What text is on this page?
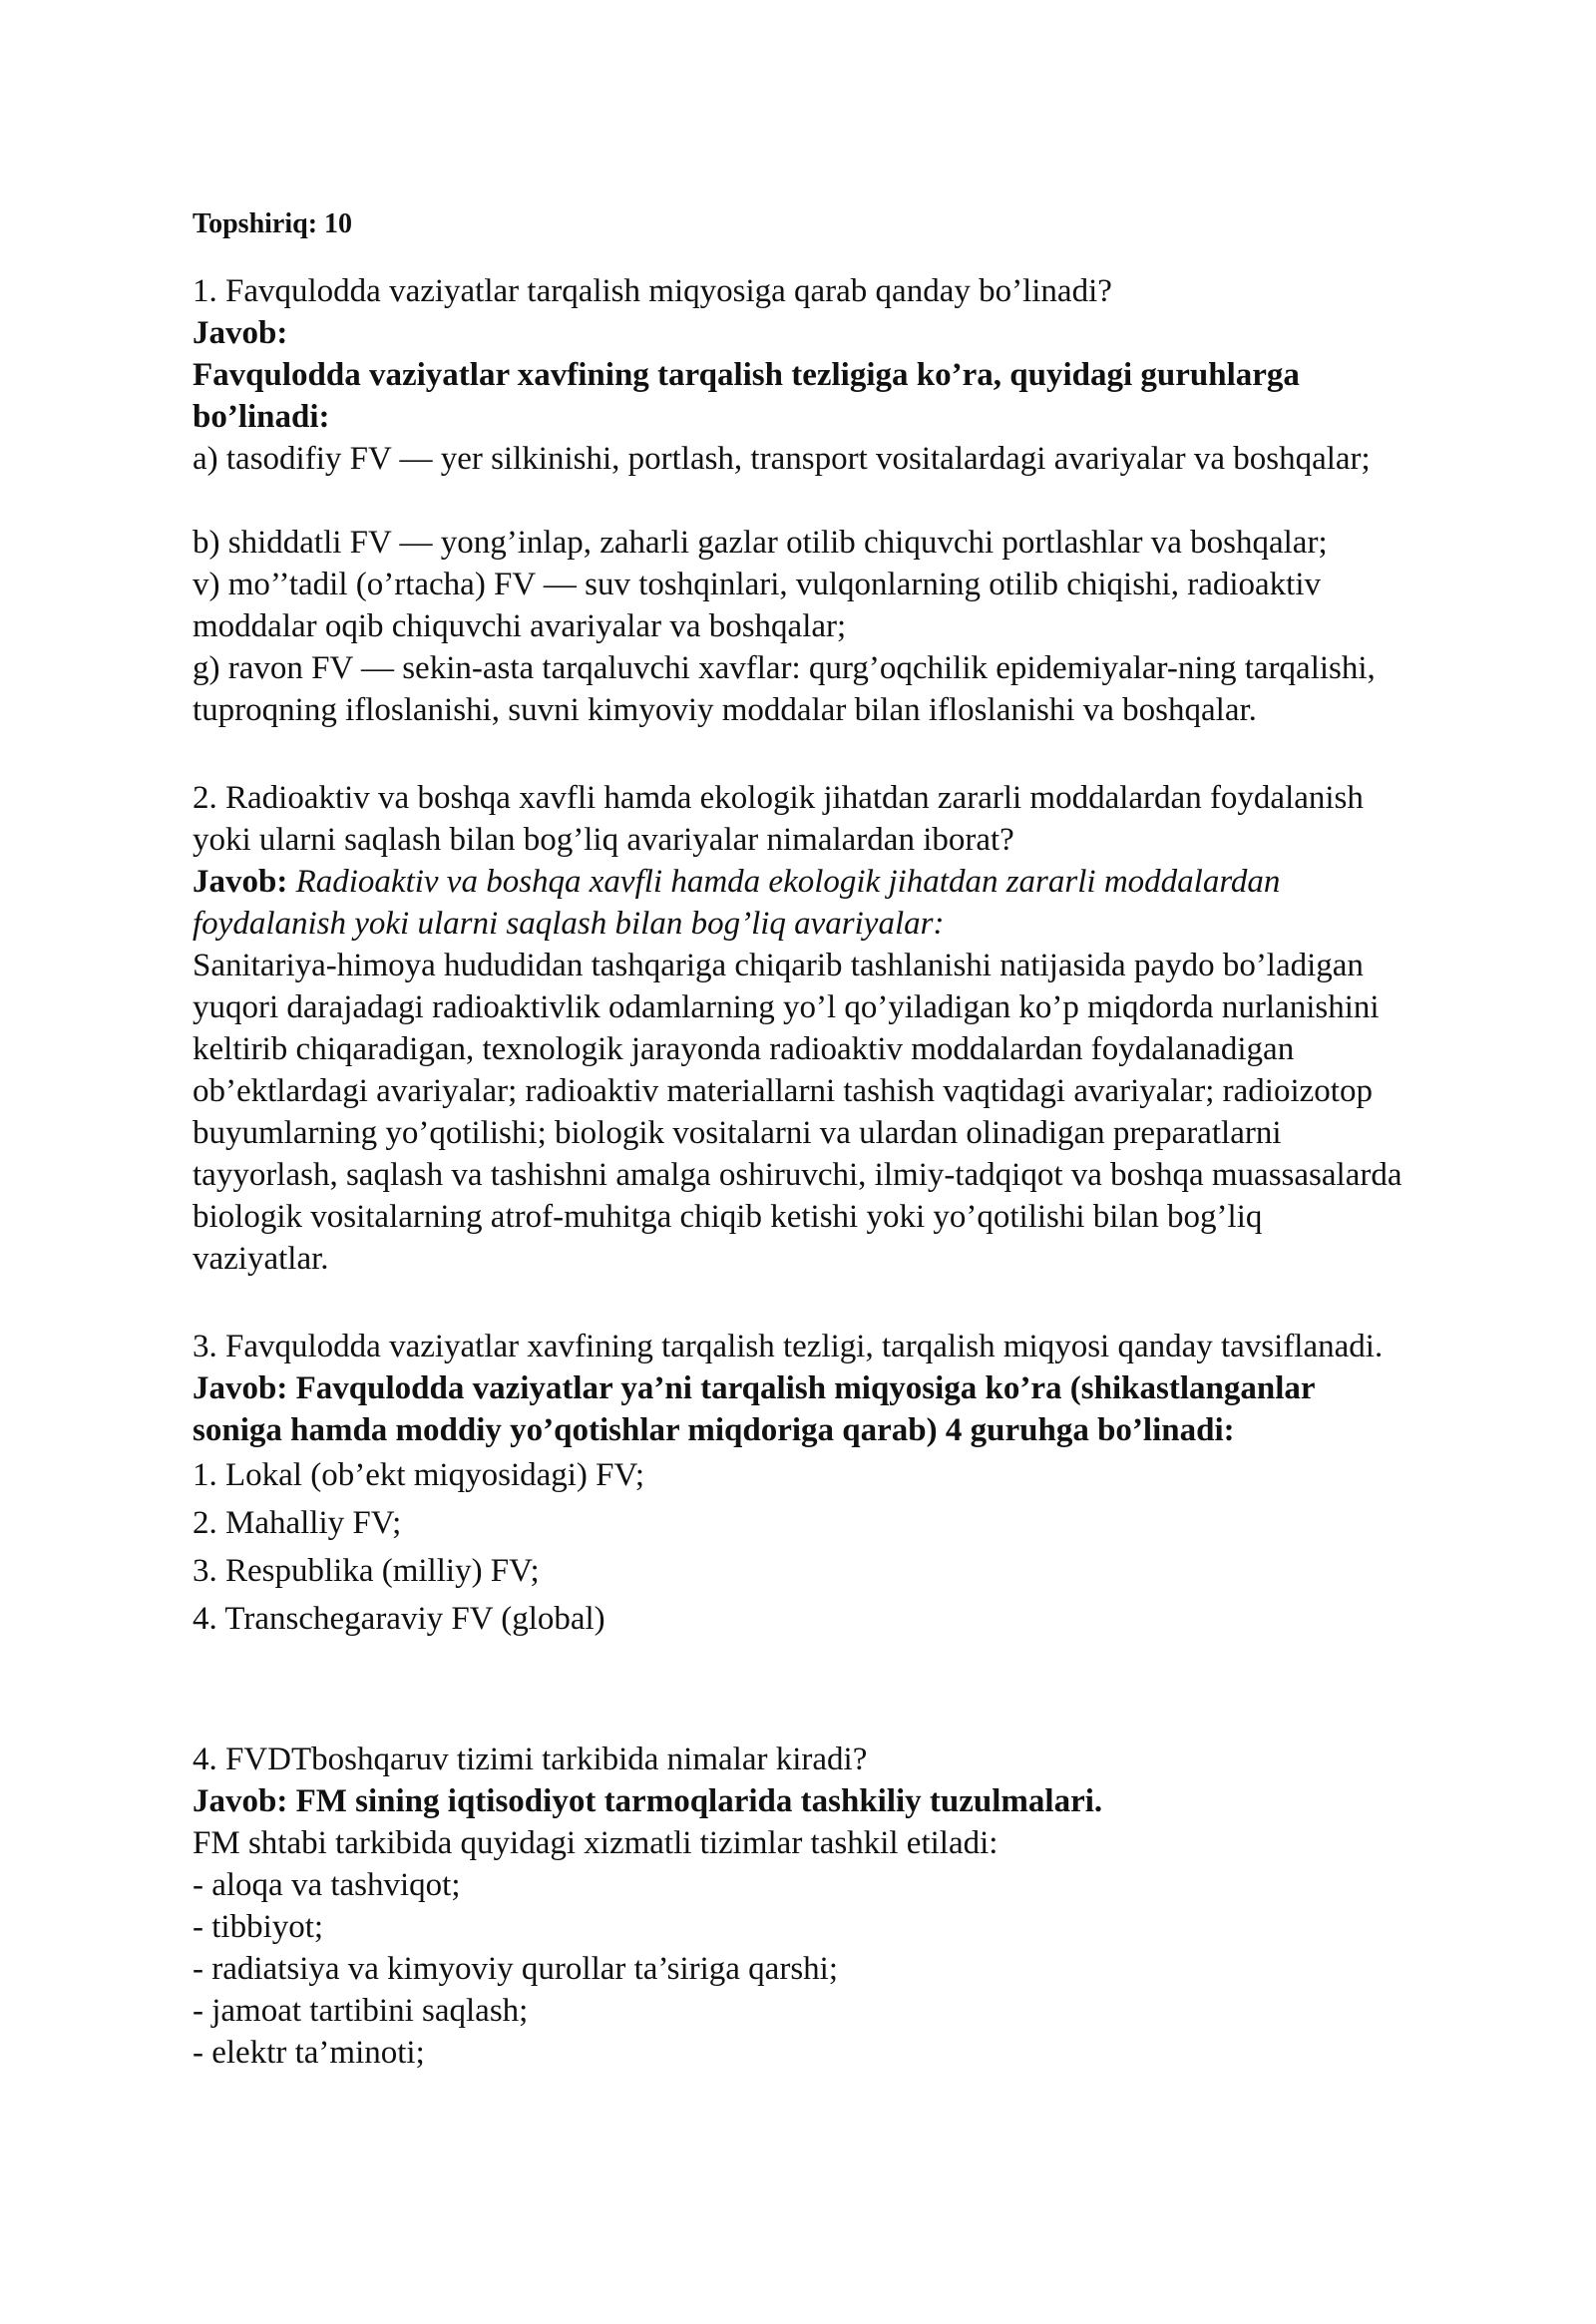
Topshiriq: 10
1. Favqulodda vaziyatlar tarqalish miqyosiga qarab qanday bo’linadi?
Javob:
Favqulodda vaziyatlar xavfining tarqalish tezligiga ko’ra, quyidagi guruhlarga
bo’linadi:
a) tasodifiy FV — yer silkinishi, portlash, transport vositalardagi avariyalar va boshqalar;
b) shiddatli FV — yong’inlap, zaharli gazlar otilib chiquvchi portlashlar va boshqalar;
v) mo’’tadil (o’rtacha) FV — suv toshqinlari, vulqonlarning otilib chiqishi, radioaktiv
moddalar oqib chiquvchi avariyalar va boshqalar;
g) ravon FV — sekin-asta tarqaluvchi xavflar: qurg’oqchilik epidemiyalar-ning tarqalishi,
tuproqning ifloslanishi, suvni kimyoviy moddalar bilan ifloslanishi va boshqalar.
2. Radioaktiv va boshqa xavfli hamda ekologik jihatdan zararli moddalardan foydalanish
yoki ularni saqlash bilan bog’liq avariyalar nimalardan iborat?
Javob: Radioaktiv va boshqa xavfli hamda ekologik jihatdan zararli moddalardan
foydalanish yoki ularni saqlash bilan bog’liq avariyalar:
Sanitariya-himoya hududidan tashqariga chiqarib tashlanishi natijasida paydo bo’ladigan
yuqori darajadagi radioaktivlik odamlarning yo’l qo’yiladigan ko’p miqdorda nurlanishini
keltirib chiqaradigan, texnologik jarayonda radioaktiv moddalardan foydalanadigan
ob’ektlardagi avariyalar; radioaktiv materiallarni tashish vaqtidagi avariyalar; radioizotop
buyumlarning yo’qotilishi; biologik vositalarni va ulardan olinadigan preparatlarni
tayyorlash, saqlash va tashishni amalga oshiruvchi, ilmiy-tadqiqot va boshqa muassasalarda
biologik vositalarning atrof-muhitga chiqib ketishi yoki yo’qotilishi bilan bog’liq
vaziyatlar.
3. Favqulodda vaziyatlar xavfining tarqalish tezligi, tarqalish miqyosi qanday tavsiflanadi.
Javob: Favqulodda vaziyatlar ya’ni tarqalish miqyosiga ko’ra (shikastlanganlar
soniga hamda moddiy yo’qotishlar miqdoriga qarab) 4 guruhga bo’linadi:
1. Lokal (ob’ekt miqyosidagi) FV;
2. Mahalliy FV;
3. Respublika (milliy) FV;
4. Transchegaraviy FV (global)
4. FVDTboshqaruv tizimi tarkibida nimalar kiradi?
Javob: FM sining iqtisodiyot tarmoqlarida tashkiliy tuzulmalari.
FM shtabi tarkibida quyidagi xizmatli tizimlar tashkil etiladi:
- aloqa va tashviqot;
- tibbiyot;
- radiatsiya va kimyoviy qurollar ta’siriga qarshi;
- jamoat tartibini saqlash;
- elektr ta’minoti;
